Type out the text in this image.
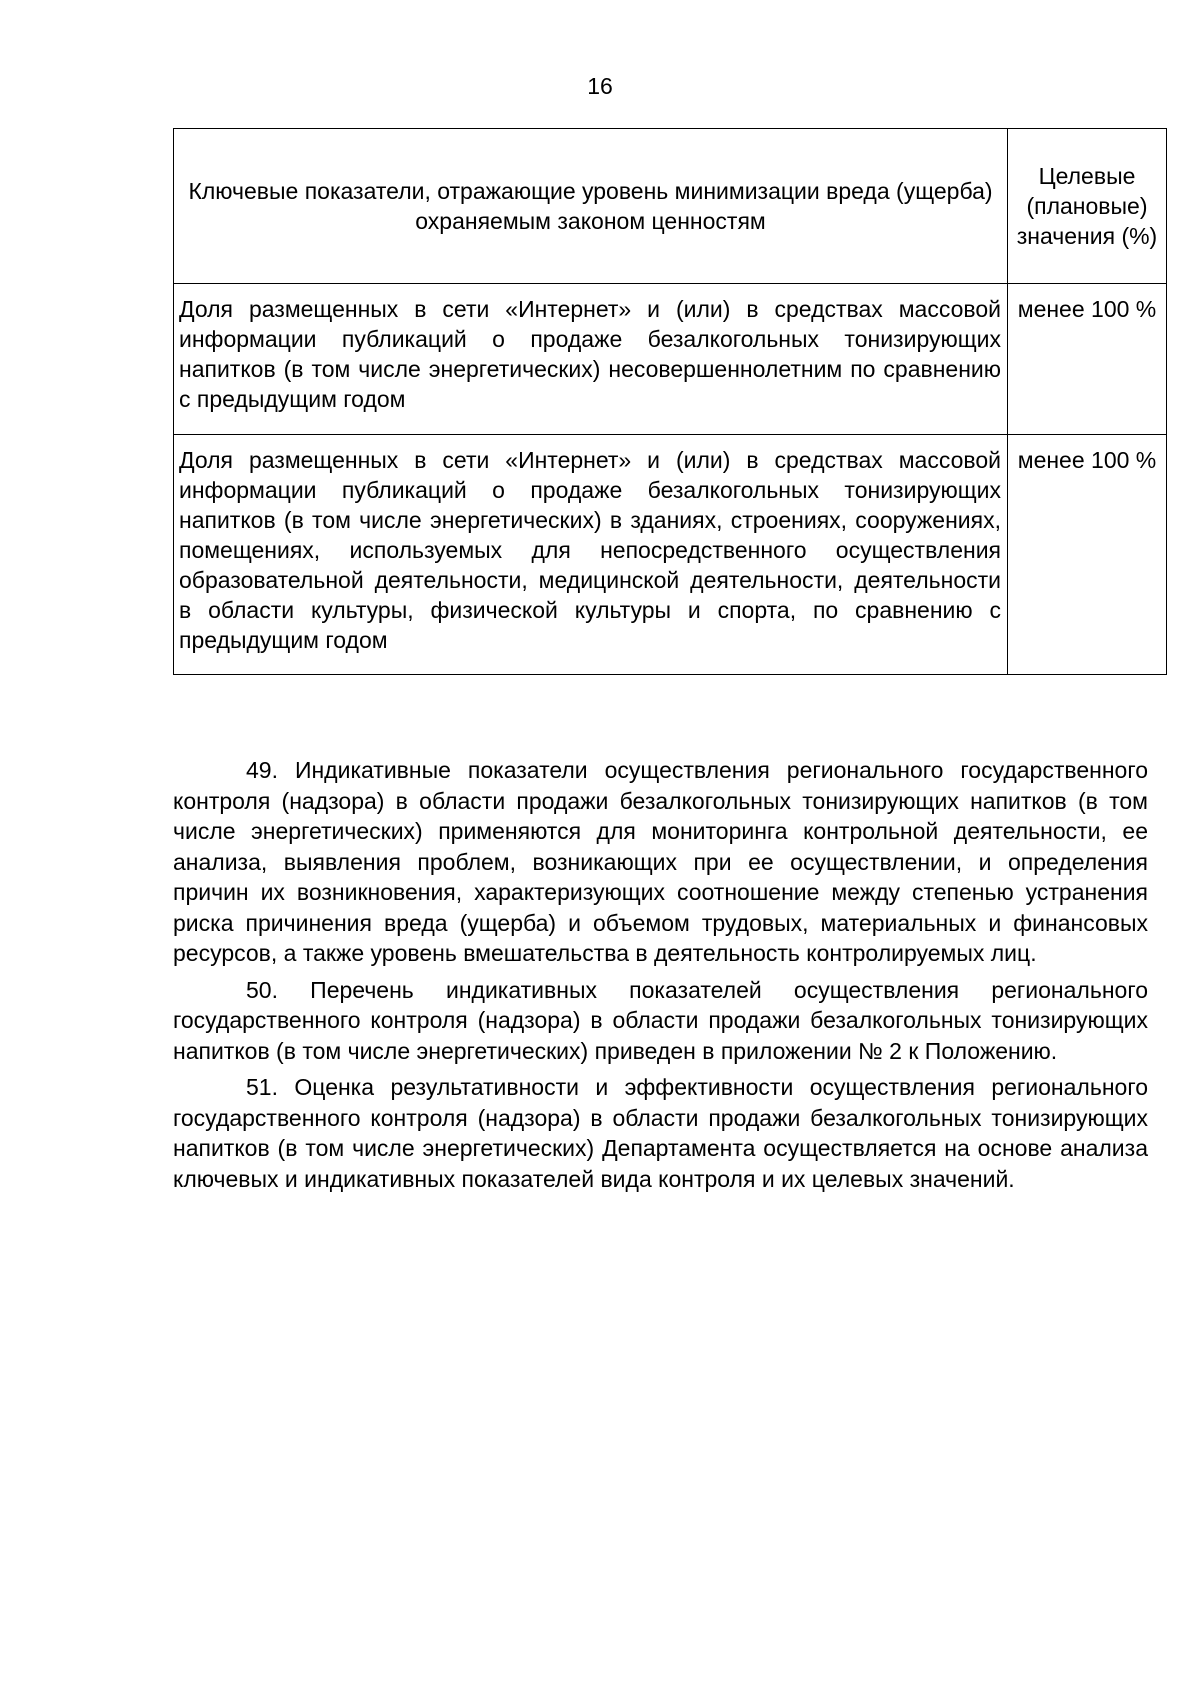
16
Ключевые показатели, отражающие уровень минимизации вреда (ущерба) охраняемым законом ценностям	Целевые (плановые) значения (%)
Доля размещенных в сети «Интернет» и (или) в средствах массовой информации публикаций о продаже безалкогольных тонизирующих напитков (в том числе энергетических) несовершеннолетним по сравнению с предыдущим годом	менее 100 %
Доля размещенных в сети «Интернет» и (или) в средствах массовой информации публикаций о продаже безалкогольных тонизирующих напитков (в том числе энергетических) в зданиях, строениях, сооружениях, помещениях, используемых для непосредственного осуществления образовательной деятельности, медицинской деятельности, деятельности в области культуры, физической культуры и спорта, по сравнению с предыдущим годом	менее 100 %

49. Индикативные показатели осуществления регионального государственного контроля (надзора) в области продажи безалкогольных тонизирующих напитков (в том числе энергетических) применяются для мониторинга контрольной деятельности, ее анализа, выявления проблем, возникающих при ее осуществлении, и определения причин их возникновения, характеризующих соотношение между степенью устранения риска причинения вреда (ущерба) и объемом трудовых, материальных и финансовых ресурсов, а также уровень вмешательства в деятельность контролируемых лиц.

50. Перечень индикативных показателей осуществления регионального государственного контроля (надзора) в области продажи безалкогольных тонизирующих напитков (в том числе энергетических) приведен в приложении № 2 к Положению.

51. Оценка результативности и эффективности осуществления регионального государственного контроля (надзора) в области продажи безалкогольных тонизирующих напитков (в том числе энергетических) Департамента осуществляется на основе анализа ключевых и индикативных показателей вида контроля и их целевых значений.
